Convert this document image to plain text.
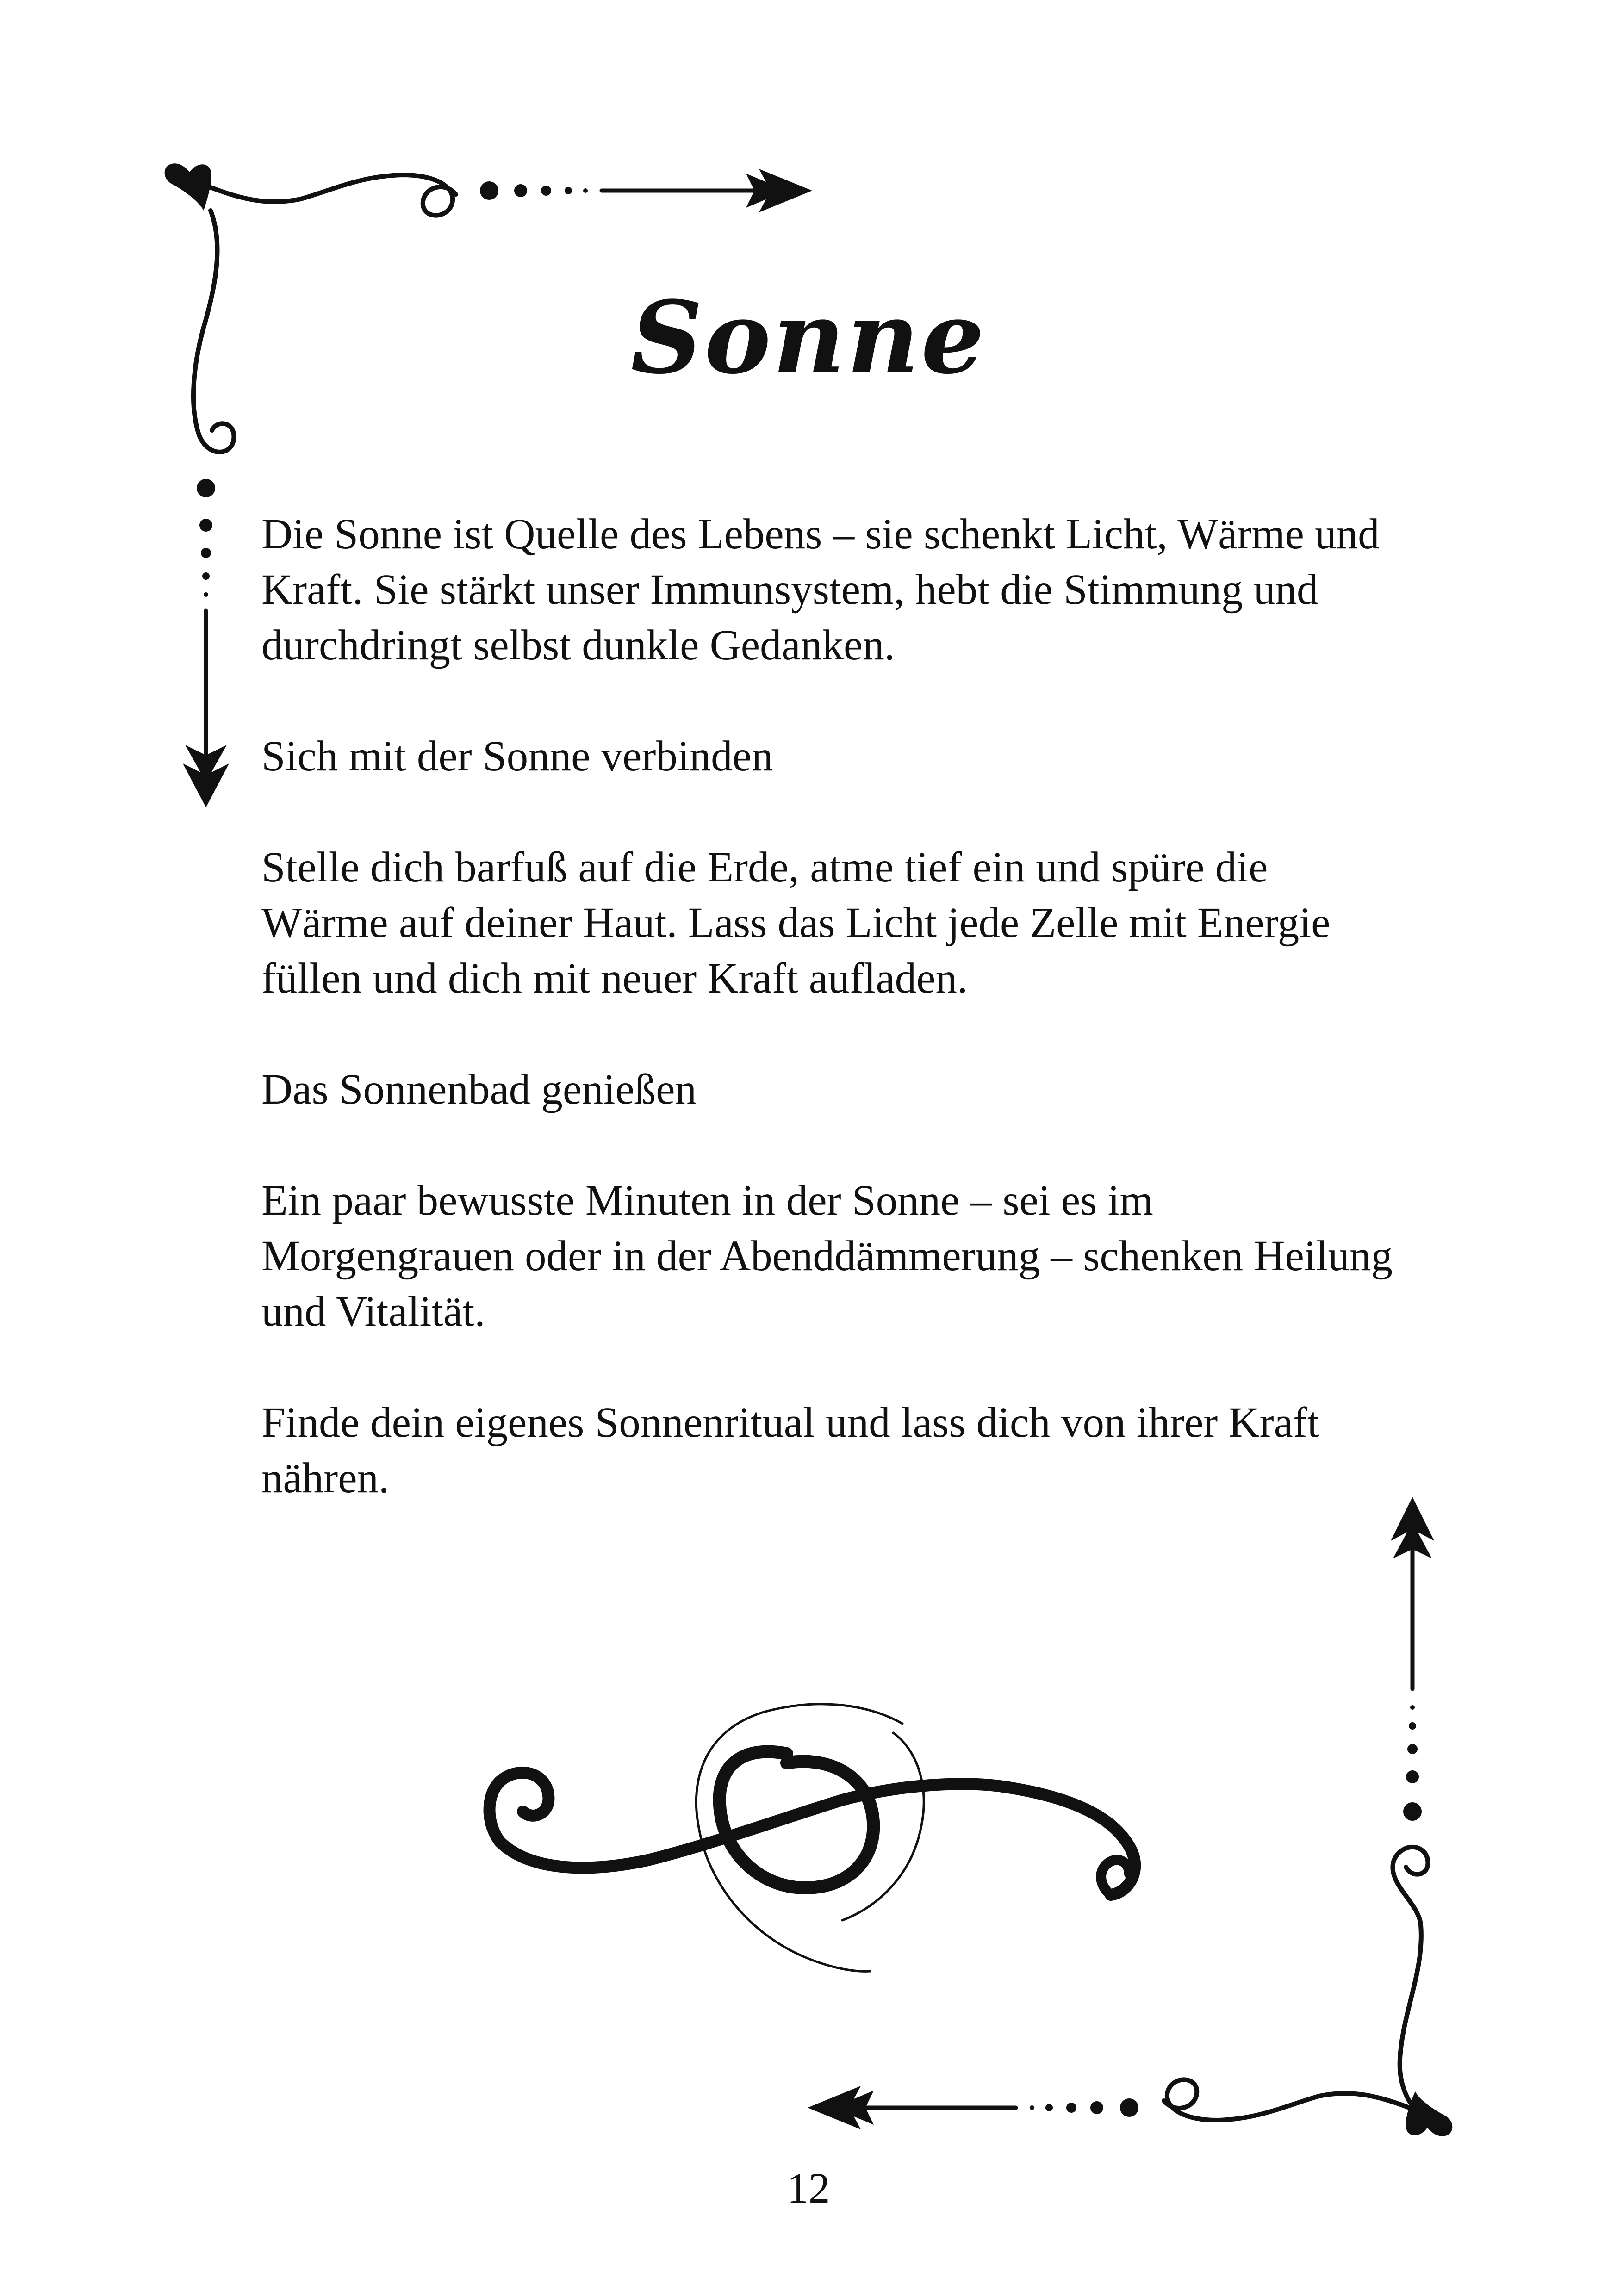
Sonne

Die Sonne ist Quelle des Lebens – sie schenkt Licht, Wärme und Kraft. Sie stärkt unser Immunsystem, hebt die Stimmung und durchdringt selbst dunkle Gedanken.

Sich mit der Sonne verbinden

Stelle dich barfuß auf die Erde, atme tief ein und spüre die Wärme auf deiner Haut. Lass das Licht jede Zelle mit Energie füllen und dich mit neuer Kraft aufladen.

Das Sonnenbad genießen

Ein paar bewusste Minuten in der Sonne – sei es im Morgengrauen oder in der Abenddämmerung – schenken Heilung und Vitalität.

Finde dein eigenes Sonnenritual und lass dich von ihrer Kraft nähren.

12
